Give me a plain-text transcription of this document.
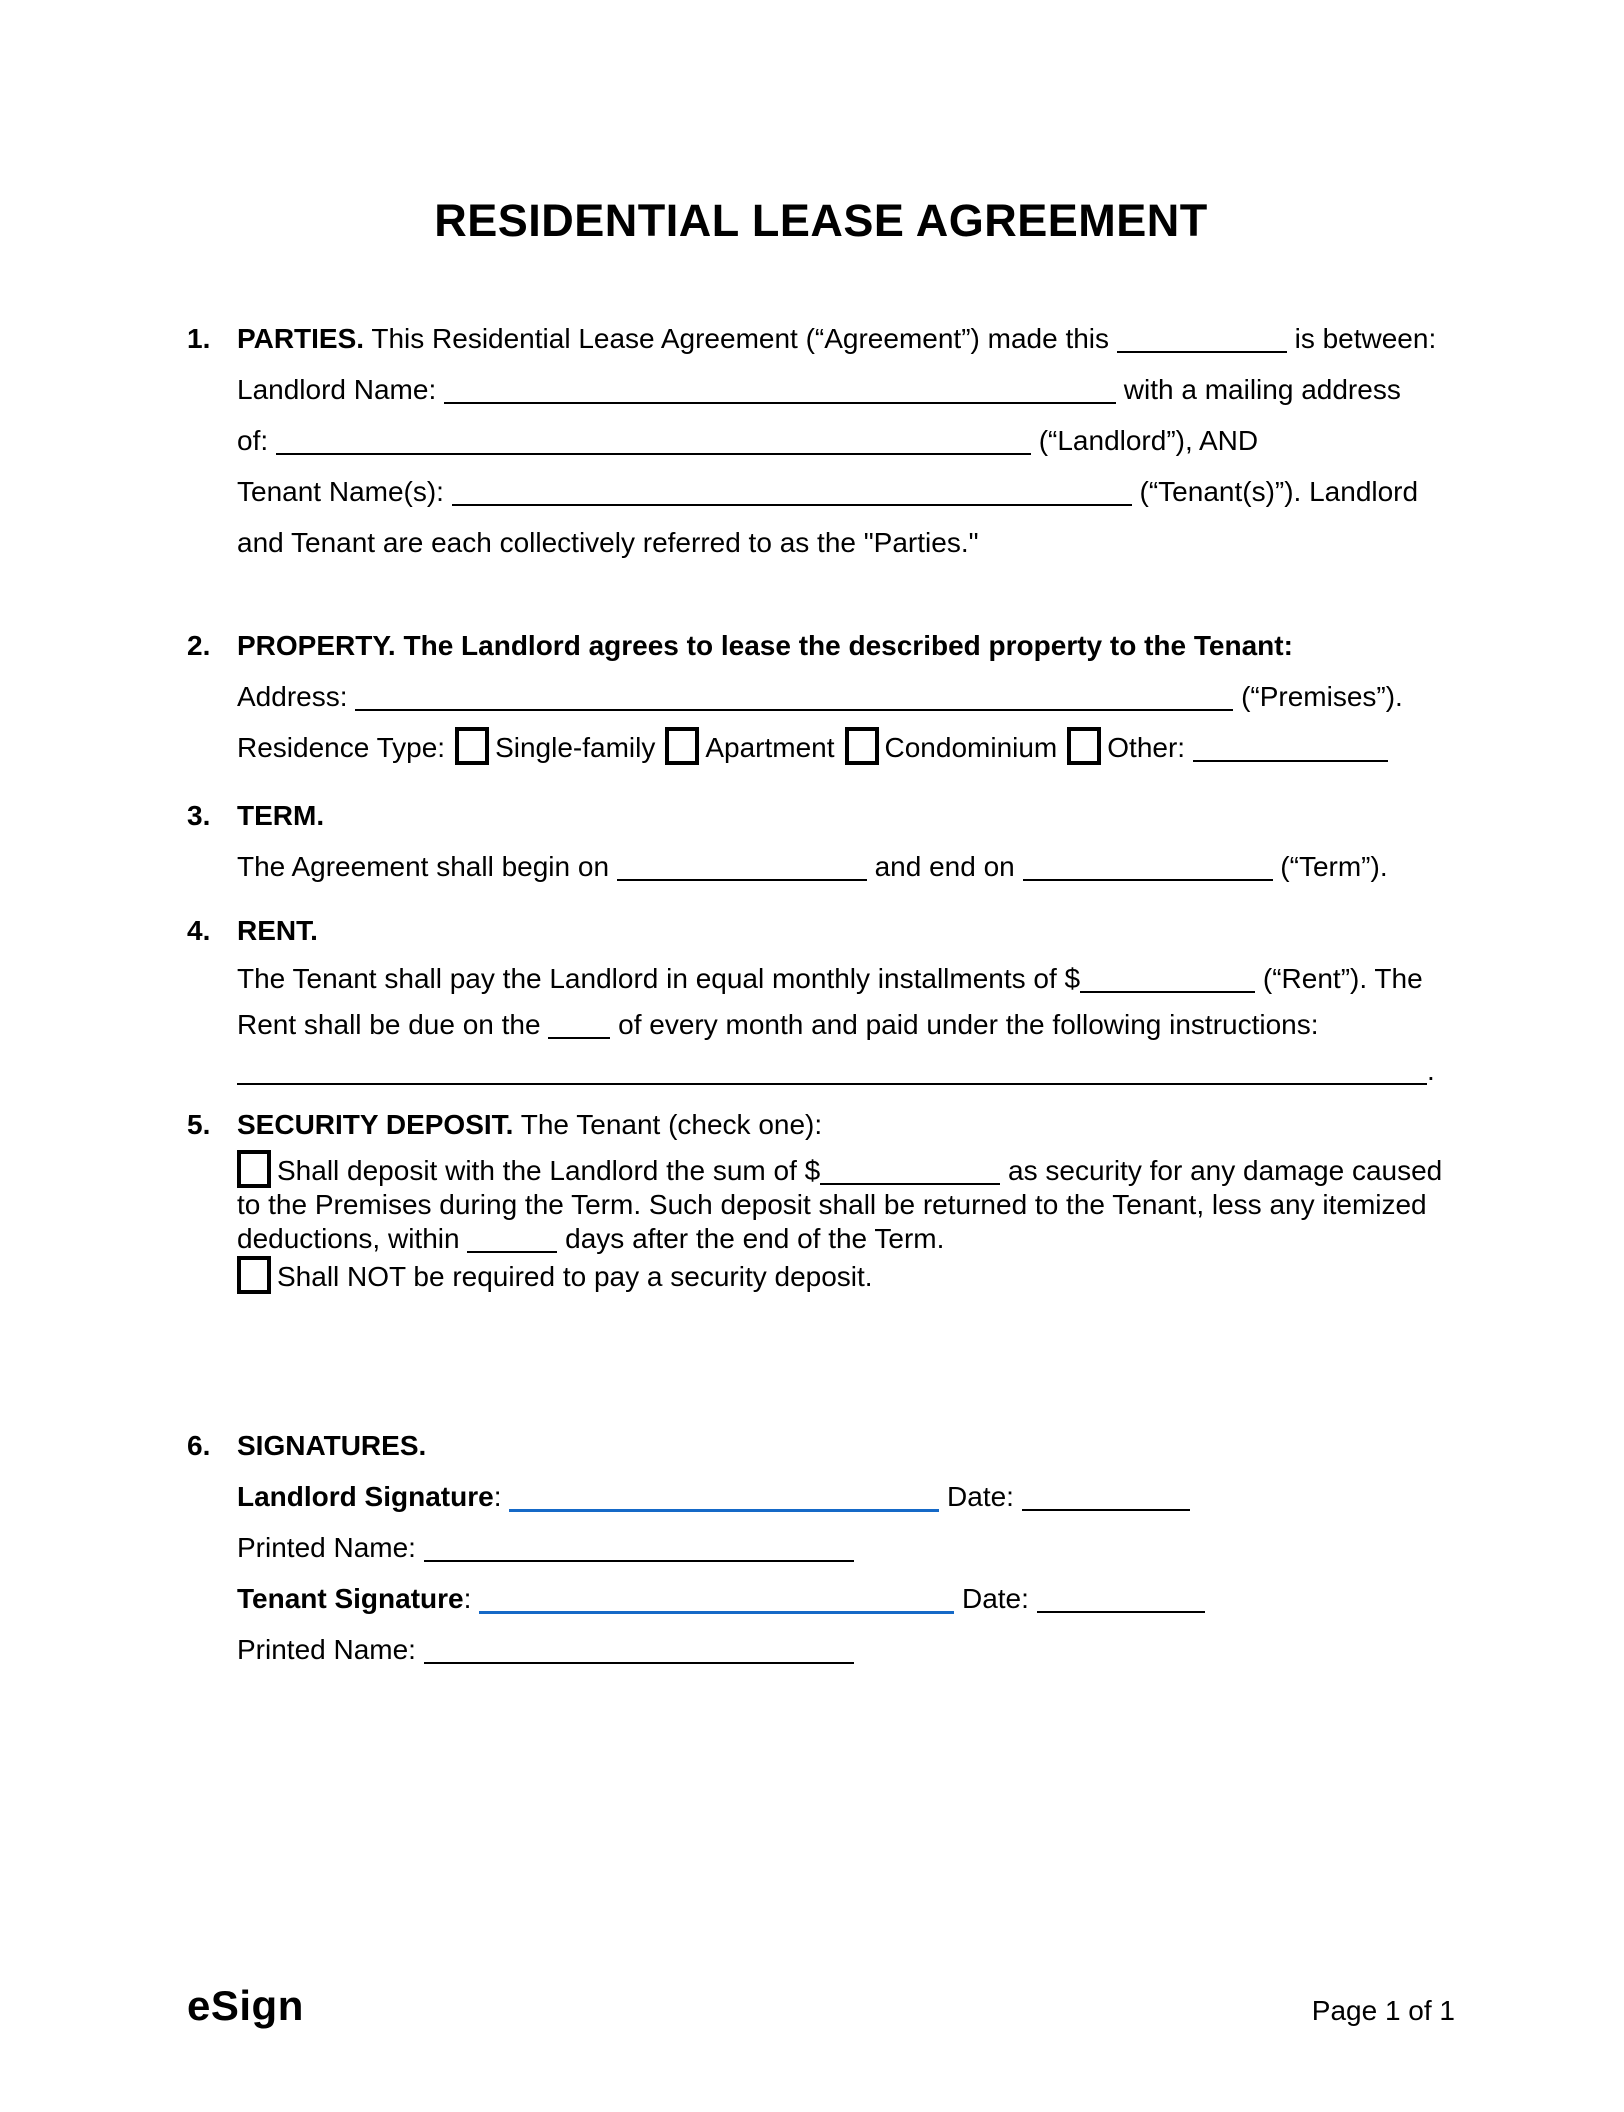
RESIDENTIAL LEASE AGREEMENT
1. PARTIES. This Residential Lease Agreement (“Agreement”) made this	is between:

Landlord Name:	with a mailing address

of:	(“Landlord”), AND

Tenant Name(s):	(“Tenant(s)”). Landlord

and Tenant are each collectively referred to as the "Parties."

2. PROPERTY. The Landlord agrees to lease the described property to the Tenant:

Address:	(“Premises”).

Residence Type: Single-family Apartment Condominium Other:

3. TERM.

The Agreement shall begin on	and end on	(“Term”).

4. RENT.

The Tenant shall pay the Landlord in equal monthly installments of $	(“Rent”). The Rent shall be due on the	of every month and paid under the following instructions:

.

5. SECURITY DEPOSIT. The Tenant (check one):

Shall deposit with the Landlord the sum of $	as security for any damage caused to the Premises during the Term. Such deposit shall be returned to the Tenant, less any itemized deductions, within	days after the end of the Term.

Shall NOT be required to pay a security deposit.

6. SIGNATURES.

Landlord Signature:	Date:

Printed Name:

Tenant Signature:	Date:

Printed Name:

eSign	Page 1 of 1
